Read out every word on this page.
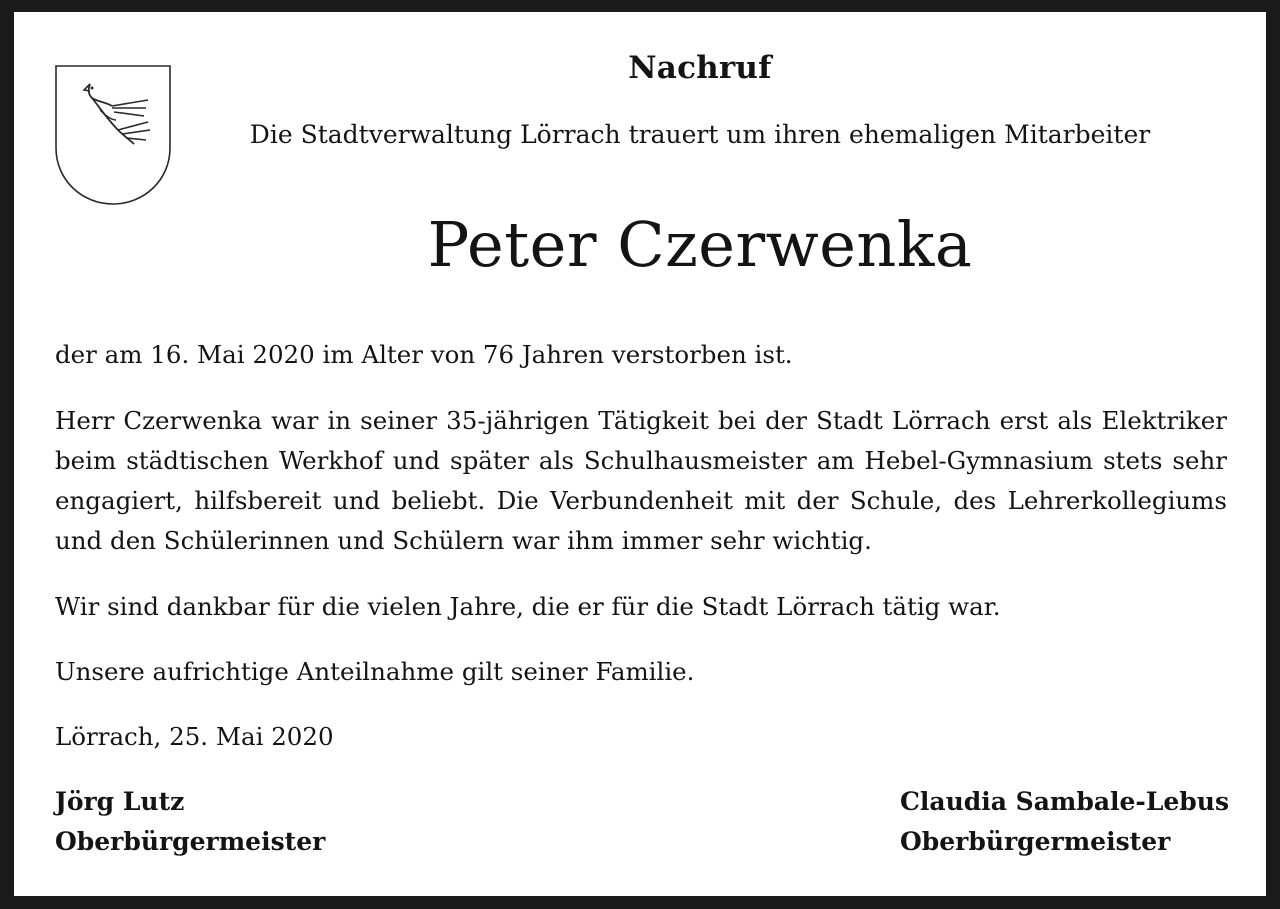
Nachruf
Die Stadtverwaltung Lörrach trauert um ihren ehemaligen Mitarbeiter
Peter Czerwenka
der am 16. Mai 2020 im Alter von 76 Jahren verstorben ist.
Herr Czerwenka war in seiner 35-jährigen Tätigkeit bei der Stadt Lörrach erst als Elektriker beim städtischen Werkhof und später als Schulhausmeister am Hebel-Gymnasium stets sehr engagiert, hilfsbereit und beliebt. Die Verbundenheit mit der Schule, des Lehrerkollegiums und den Schülerinnen und Schülern war ihm immer sehr wichtig.
Wir sind dankbar für die vielen Jahre, die er für die Stadt Lörrach tätig war.
Unsere aufrichtige Anteilnahme gilt seiner Familie.
Lörrach, 25. Mai 2020
Jörg Lutz
Oberbürgermeister
Claudia Sambale-Lebus
Oberbürgermeister
